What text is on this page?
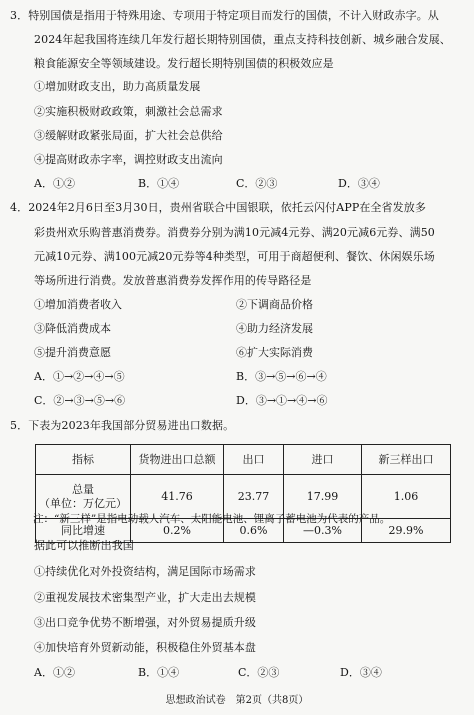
3．特别国债是指用于特殊用途、专项用于特定项目而发行的国债，不计入财政赤字。从
2024年起我国将连续几年发行超长期特别国债，重点支持科技创新、城乡融合发展、
粮食能源安全等领域建设。发行超长期特别国债的积极效应是
①增加财政支出，助力高质量发展
②实施积极财政政策，刺激社会总需求
③缓解财政紧张局面，扩大社会总供给
④提高财政赤字率，调控财政支出流向
A．①②	B．①④	C．②③	D．③④
4．2024年2月6日至3月30日，贵州省联合中国银联，依托云闪付APP在全省发放多
彩贵州欢乐购普惠消费券。消费券分别为满10元减4元券、满20元减6元券、满50
元减10元券、满100元减20元券等4种类型，可用于商超便利、餐饮、休闲娱乐场
等场所进行消费。发放普惠消费券发挥作用的传导路径是
①增加消费者收入	②下调商品价格
③降低消费成本	④助力经济发展
⑤提升消费意愿	⑥扩大实际消费
A．①→②→④→⑤	B．③→⑤→⑥→④
C．②→③→⑤→⑥	D．③→①→④→⑥
5．下表为2023年我国部分贸易进出口数据。
指标	货物进出口总额	出口	进口	新三样出口

总量
（单位：万亿元）	41.76	23.77	17.99	1.06
同比增速	0.2%	0.6%	—0.3%	29.9%
注：“新三样”是指电动载人汽车、太阳能电池、锂离子蓄电池为代表的产品。
据此可以推断出我国
①持续优化对外投资结构，满足国际市场需求
②重视发展技术密集型产业，扩大走出去规模
③出口竞争优势不断增强，对外贸易提质升级
④加快培育外贸新动能，积极稳住外贸基本盘
A．①②	B．①④	C．②③	D．③④
思想政治试卷　第2页（共8页）
